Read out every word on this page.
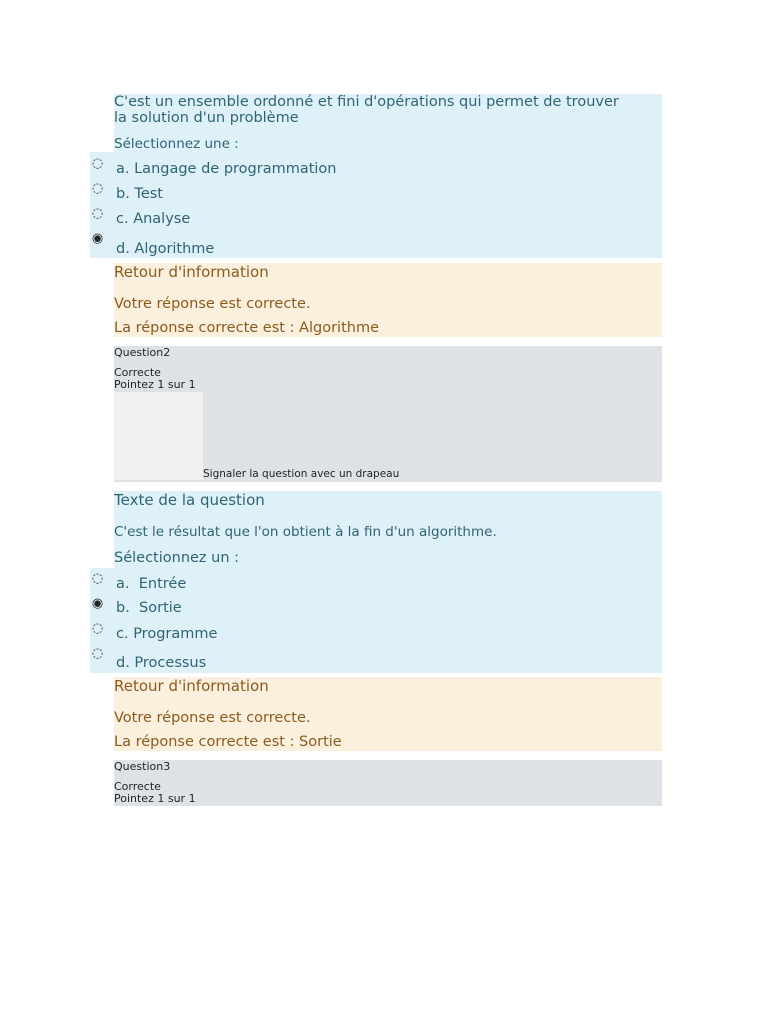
C'est un ensemble ordonné et fini d'opérations qui permet de trouver la solution d'un problème
Sélectionnez une :
◌ a. Langage de programmation
◌ b. Test
◌ c. Analyse
◉
d. Algorithme
Retour d'information
Votre réponse est correcte.
La réponse correcte est : Algorithme
Question2
Correcte
Pointez 1 sur 1
Signaler la question avec un drapeau
Texte de la question
C'est le résultat que l'on obtient à la fin d'un algorithme.
Sélectionnez un :
◌ a.  Entrée
◉ b.  Sortie
◌ c. Programme
◌
d. Processus
Retour d'information
Votre réponse est correcte.
La réponse correcte est : Sortie
Question3
Correcte
Pointez 1 sur 1
